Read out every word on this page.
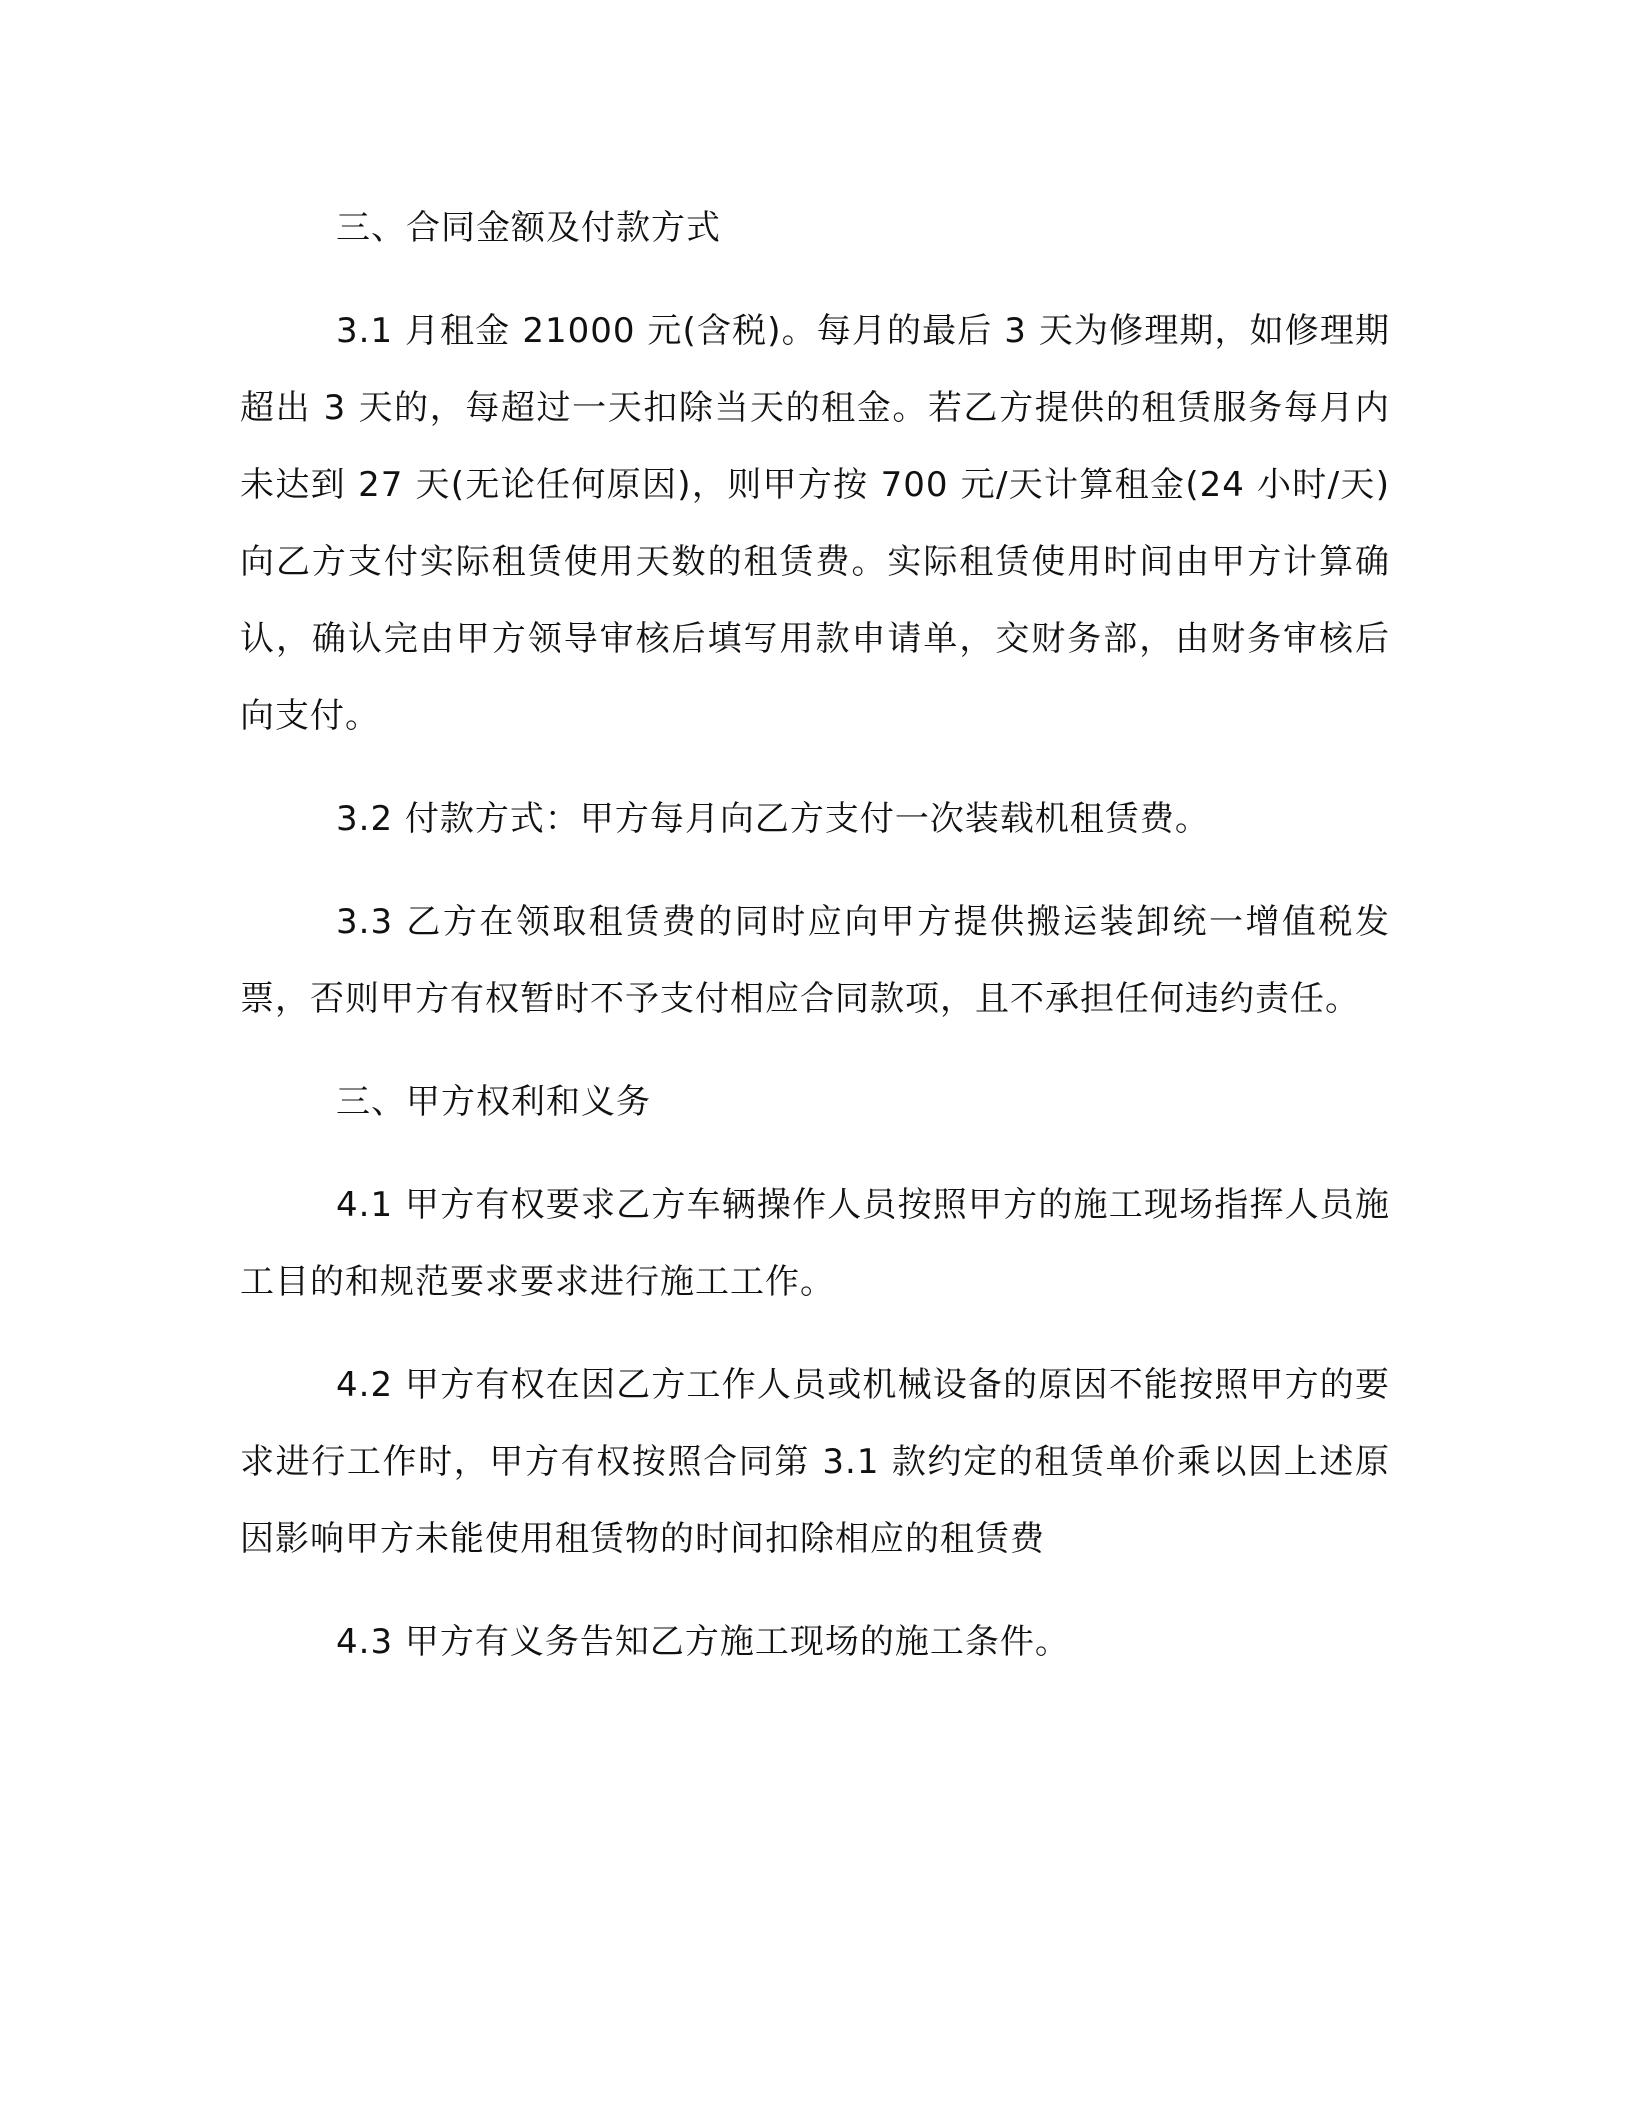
三、合同金额及付款方式

3.1 月租金 21000 元(含税)。每月的最后 3 天为修理期，如修理期超出 3 天的，每超过一天扣除当天的租金。若乙方提供的租赁服务每月内未达到 27 天(无论任何原因)，则甲方按 700 元/天计算租金(24 小时/天)向乙方支付实际租赁使用天数的租赁费。实际租赁使用时间由甲方计算确认，确认完由甲方领导审核后填写用款申请单，交财务部，由财务审核后向支付。

3.2 付款方式：甲方每月向乙方支付一次装载机租赁费。

3.3 乙方在领取租赁费的同时应向甲方提供搬运装卸统一增值税发票，否则甲方有权暂时不予支付相应合同款项，且不承担任何违约责任。

三、甲方权利和义务

4.1 甲方有权要求乙方车辆操作人员按照甲方的施工现场指挥人员施工目的和规范要求要求进行施工工作。

4.2 甲方有权在因乙方工作人员或机械设备的原因不能按照甲方的要求进行工作时，甲方有权按照合同第 3.1 款约定的租赁单价乘以因上述原因影响甲方未能使用租赁物的时间扣除相应的租赁费

4.3 甲方有义务告知乙方施工现场的施工条件。
